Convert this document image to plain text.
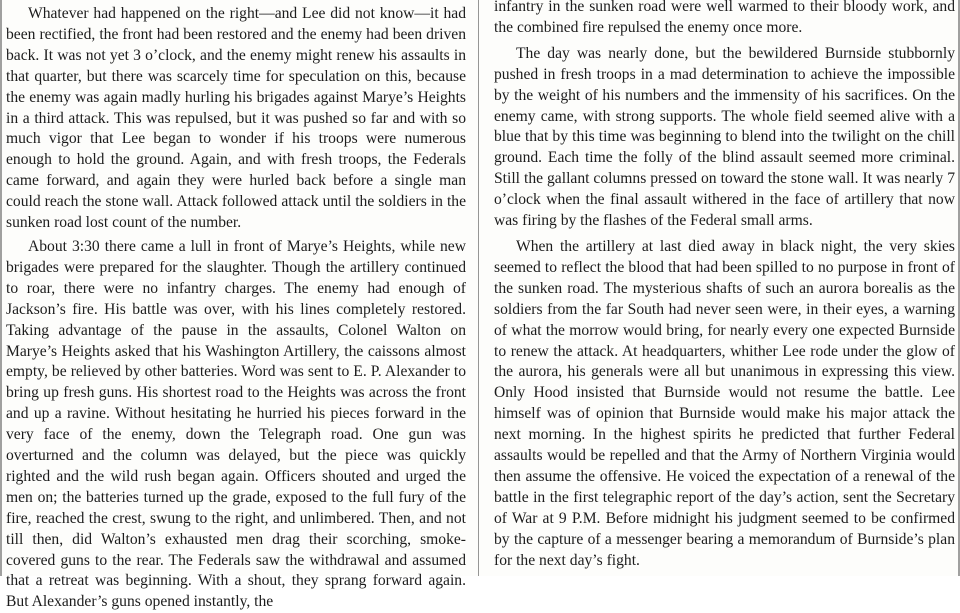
Whatever had happened on the right—and Lee did not know—it had been rectified, the front had been restored and the enemy had been driven back. It was not yet 3 o’clock, and the enemy might renew his assaults in that quarter, but there was scarcely time for speculation on this, because the enemy was again madly hurling his brigades against Marye’s Heights in a third attack. This was repulsed, but it was pushed so far and with so much vigor that Lee began to wonder if his troops were numerous enough to hold the ground. Again, and with fresh troops, the Federals came forward, and again they were hurled back before a single man could reach the stone wall. Attack followed attack until the soldiers in the sunken road lost count of the number.

About 3:30 there came a lull in front of Marye’s Heights, while new brigades were prepared for the slaughter. Though the artillery continued to roar, there were no infantry charges. The enemy had enough of Jackson’s fire. His battle was over, with his lines completely restored. Taking advantage of the pause in the assaults, Colonel Walton on Marye’s Heights asked that his Washington Artillery, the caissons almost empty, be relieved by other batteries. Word was sent to E. P. Alexander to bring up fresh guns. His shortest road to the Heights was across the front and up a ravine. Without hesitating he hurried his pieces forward in the very face of the enemy, down the Telegraph road. One gun was overturned and the column was delayed, but the piece was quickly righted and the wild rush began again. Officers shouted and urged the men on; the batteries turned up the grade, exposed to the full fury of the fire, reached the crest, swung to the right, and unlimbered. Then, and not till then, did Walton’s exhausted men drag their scorching, smoke-covered guns to the rear. The Federals saw the withdrawal and assumed that a retreat was beginning. With a shout, they sprang forward again. But Alexander’s guns opened instantly, the

infantry in the sunken road were well warmed to their bloody work, and the combined fire repulsed the enemy once more.

The day was nearly done, but the bewildered Burnside stubbornly pushed in fresh troops in a mad determination to achieve the impossible by the weight of his numbers and the immensity of his sacrifices. On the enemy came, with strong supports. The whole field seemed alive with a blue that by this time was beginning to blend into the twilight on the chill ground. Each time the folly of the blind assault seemed more criminal. Still the gallant columns pressed on toward the stone wall. It was nearly 7 o’clock when the final assault withered in the face of artillery that now was firing by the flashes of the Federal small arms.

When the artillery at last died away in black night, the very skies seemed to reflect the blood that had been spilled to no purpose in front of the sunken road. The mysterious shafts of such an aurora borealis as the soldiers from the far South had never seen were, in their eyes, a warning of what the morrow would bring, for nearly every one expected Burnside to renew the attack. At headquarters, whither Lee rode under the glow of the aurora, his generals were all but unanimous in expressing this view. Only Hood insisted that Burnside would not resume the battle. Lee himself was of opinion that Burnside would make his major attack the next morning. In the highest spirits he predicted that further Federal assaults would be repelled and that the Army of Northern Virginia would then assume the offensive. He voiced the expectation of a renewal of the battle in the first telegraphic report of the day’s action, sent the Secretary of War at 9 P.M. Before midnight his judgment seemed to be confirmed by the capture of a messenger bearing a memorandum of Burnside’s plan for the next day’s fight.
